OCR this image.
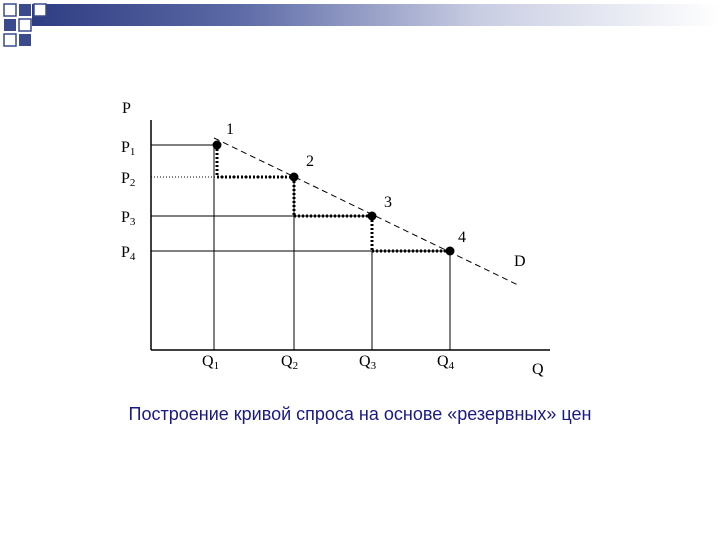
1
2
3
4
P
Q
D
P1
P2
P3
P4
Q1	Q2	Q3	Q4
Построение кривой спроса на основе «резервных» цен
